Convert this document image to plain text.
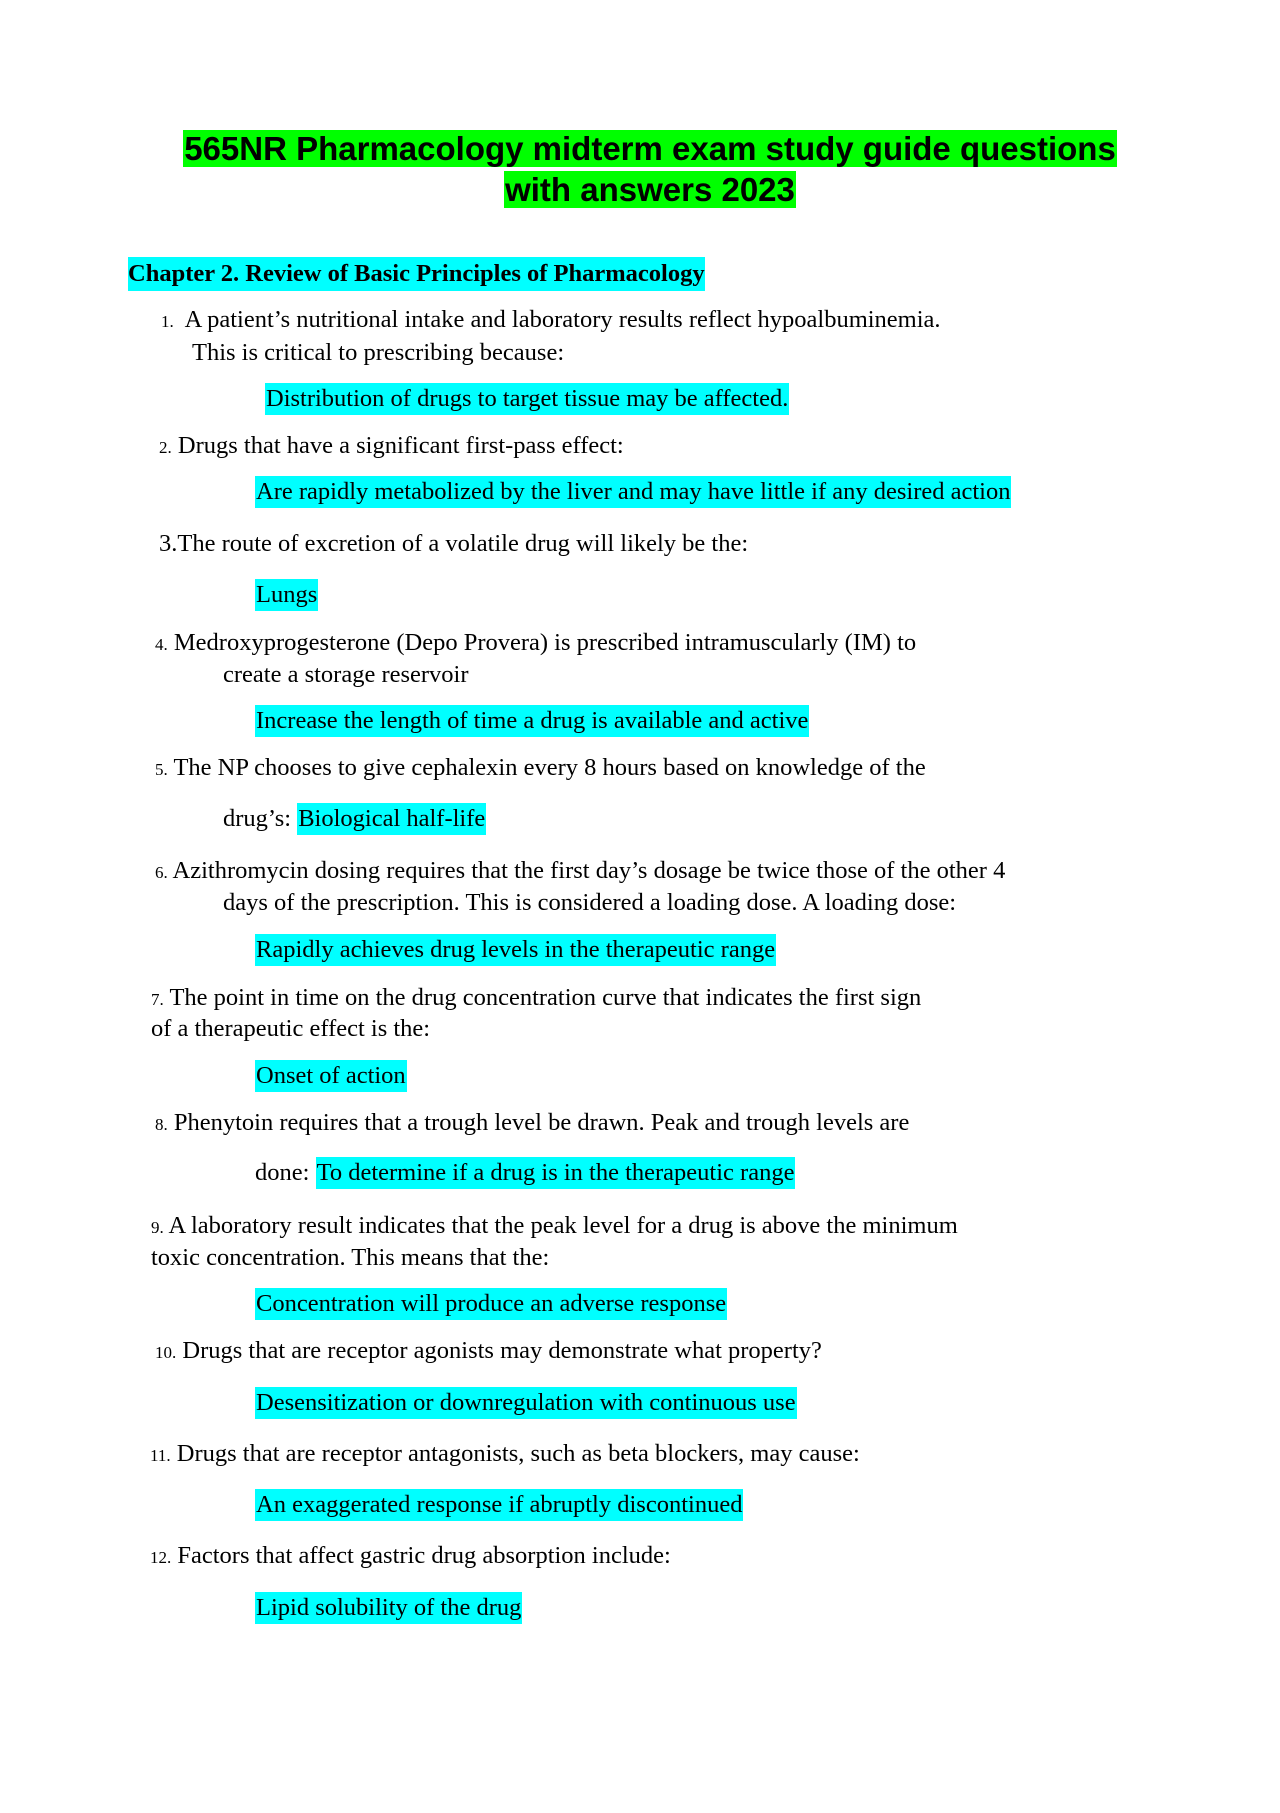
565NR Pharmacology midterm exam study guide questions
with answers 2023
Chapter 2. Review of Basic Principles of Pharmacology
1. A patient’s nutritional intake and laboratory results reflect hypoalbuminemia.
This is critical to prescribing because:
Distribution of drugs to target tissue may be affected.
2. Drugs that have a significant first-pass effect:
Are rapidly metabolized by the liver and may have little if any desired action
3.The route of excretion of a volatile drug will likely be the:
Lungs
4. Medroxyprogesterone (Depo Provera) is prescribed intramuscularly (IM) to
create a storage reservoir
Increase the length of time a drug is available and active
5. The NP chooses to give cephalexin every 8 hours based on knowledge of the
drug’s: Biological half-life
6. Azithromycin dosing requires that the first day’s dosage be twice those of the other 4
days of the prescription. This is considered a loading dose. A loading dose:
Rapidly achieves drug levels in the therapeutic range
7. The point in time on the drug concentration curve that indicates the first sign
of a therapeutic effect is the:
Onset of action
8. Phenytoin requires that a trough level be drawn. Peak and trough levels are
done: To determine if a drug is in the therapeutic range
9. A laboratory result indicates that the peak level for a drug is above the minimum
toxic concentration. This means that the:
Concentration will produce an adverse response
10. Drugs that are receptor agonists may demonstrate what property?
Desensitization or downregulation with continuous use
11. Drugs that are receptor antagonists, such as beta blockers, may cause:
An exaggerated response if abruptly discontinued
12. Factors that affect gastric drug absorption include:
Lipid solubility of the drug
